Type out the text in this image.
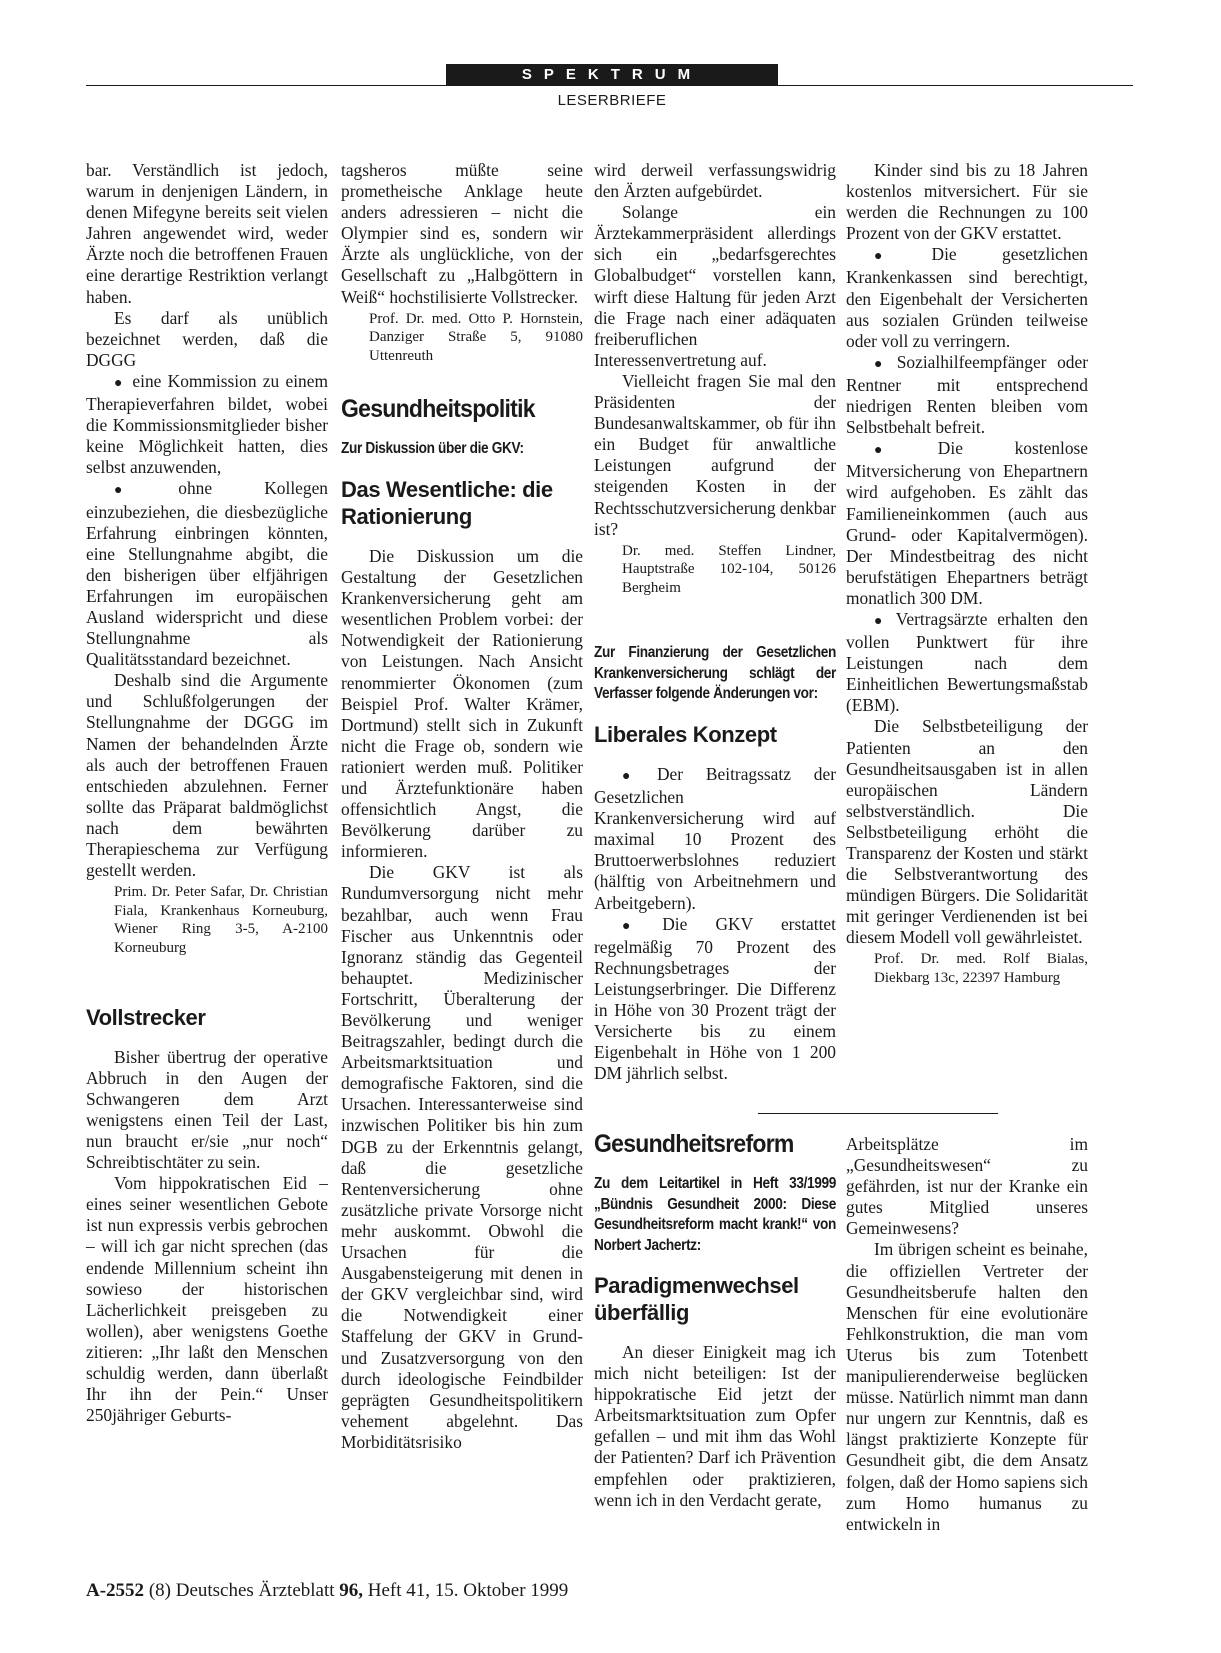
SPEKTRUM
LESERBRIEFE

bar. Verständlich ist jedoch, warum in denjenigen Ländern, in denen Mifegyne bereits seit vielen Jahren angewendet wird, weder Ärzte noch die betroffenen Frauen eine derartige Restriktion verlangt haben.

Es darf als unüblich bezeichnet werden, daß die DGGG

● eine Kommission zu einem Therapieverfahren bildet, wobei die Kommissionsmitglieder bisher keine Möglichkeit hatten, dies selbst anzuwenden,

● ohne Kollegen einzubeziehen, die diesbezügliche Erfahrung einbringen könnten, eine Stellungnahme abgibt, die den bisherigen über elfjährigen Erfahrungen im europäischen Ausland widerspricht und diese Stellungnahme als Qualitätsstandard bezeichnet.

Deshalb sind die Argumente und Schlußfolgerungen der Stellungnahme der DGGG im Namen der behandelnden Ärzte als auch der betroffenen Frauen entschieden abzulehnen. Ferner sollte das Präparat baldmöglichst nach dem bewährten Therapieschema zur Verfügung gestellt werden.

Prim. Dr. Peter Safar, Dr. Christian Fiala, Krankenhaus Korneuburg, Wiener Ring 3-5, A-2100 Korneuburg

Vollstrecker

Bisher übertrug der operative Abbruch in den Augen der Schwangeren dem Arzt wenigstens einen Teil der Last, nun braucht er/sie „nur noch“ Schreibtischtäter zu sein.

Vom hippokratischen Eid – eines seiner wesentlichen Gebote ist nun expressis verbis gebrochen – will ich gar nicht sprechen (das endende Millennium scheint ihn sowieso der historischen Lächerlichkeit preisgeben zu wollen), aber wenigstens Goethe zitieren: „Ihr laßt den Menschen schuldig werden, dann überlaßt Ihr ihn der Pein.“ Unser 250jähriger Geburts-

tagsheros müßte seine prometheische Anklage heute anders adressieren – nicht die Olympier sind es, sondern wir Ärzte als unglückliche, von der Gesellschaft zu „Halbgöttern in Weiß“ hochstilisierte Vollstrecker.

Prof. Dr. med. Otto P. Hornstein, Danziger Straße 5, 91080 Uttenreuth

Gesundheitspolitik

Zur Diskussion über die GKV:

Das Wesentliche: die Rationierung

Die Diskussion um die Gestaltung der Gesetzlichen Krankenversicherung geht am wesentlichen Problem vorbei: der Notwendigkeit der Rationierung von Leistungen. Nach Ansicht renommierter Ökonomen (zum Beispiel Prof. Walter Krämer, Dortmund) stellt sich in Zukunft nicht die Frage ob, sondern wie rationiert werden muß. Politiker und Ärztefunktionäre haben offensichtlich Angst, die Bevölkerung darüber zu informieren.

Die GKV ist als Rundumversorgung nicht mehr bezahlbar, auch wenn Frau Fischer aus Unkenntnis oder Ignoranz ständig das Gegenteil behauptet. Medizinischer Fortschritt, Überalterung der Bevölkerung und weniger Beitragszahler, bedingt durch die Arbeitsmarktsituation und demografische Faktoren, sind die Ursachen. Interessanterweise sind inzwischen Politiker bis hin zum DGB zu der Erkenntnis gelangt, daß die gesetzliche Rentenversicherung ohne zusätzliche private Vorsorge nicht mehr auskommt. Obwohl die Ursachen für die Ausgabensteigerung mit denen in der GKV vergleichbar sind, wird die Notwendigkeit einer Staffelung der GKV in Grund- und Zusatzversorgung von den durch ideologische Feindbilder geprägten Gesundheitspolitikern vehement abgelehnt. Das Morbiditätsrisiko

wird derweil verfassungswidrig den Ärzten aufgebürdet.

Solange ein Ärztekammerpräsident allerdings sich ein „bedarfsgerechtes Globalbudget“ vorstellen kann, wirft diese Haltung für jeden Arzt die Frage nach einer adäquaten freiberuflichen Interessenvertretung auf.

Vielleicht fragen Sie mal den Präsidenten der Bundesanwaltskammer, ob für ihn ein Budget für anwaltliche Leistungen aufgrund der steigenden Kosten in der Rechtsschutzversicherung denkbar ist?

Dr. med. Steffen Lindner, Hauptstraße 102-104, 50126 Bergheim

Zur Finanzierung der Gesetzlichen Krankenversicherung schlägt der Verfasser folgende Änderungen vor:

Liberales Konzept

● Der Beitragssatz der Gesetzlichen Krankenversicherung wird auf maximal 10 Prozent des Bruttoerwerbslohnes reduziert (hälftig von Arbeitnehmern und Arbeitgebern).

● Die GKV erstattet regelmäßig 70 Prozent des Rechnungsbetrages der Leistungserbringer. Die Differenz in Höhe von 30 Prozent trägt der Versicherte bis zu einem Eigenbehalt in Höhe von 1 200 DM jährlich selbst.

Kinder sind bis zu 18 Jahren kostenlos mitversichert. Für sie werden die Rechnungen zu 100 Prozent von der GKV erstattet.

● Die gesetzlichen Krankenkassen sind berechtigt, den Eigenbehalt der Versicherten aus sozialen Gründen teilweise oder voll zu verringern.

● Sozialhilfeempfänger oder Rentner mit entsprechend niedrigen Renten bleiben vom Selbstbehalt befreit.

● Die kostenlose Mitversicherung von Ehepartnern wird aufgehoben. Es zählt das Familieneinkommen (auch aus Grund- oder Kapitalvermögen). Der Mindestbeitrag des nicht berufstätigen Ehepartners beträgt monatlich 300 DM.

● Vertragsärzte erhalten den vollen Punktwert für ihre Leistungen nach dem Einheitlichen Bewertungsmaßstab (EBM).

Die Selbstbeteiligung der Patienten an den Gesundheitsausgaben ist in allen europäischen Ländern selbstverständlich. Die Selbstbeteiligung erhöht die Transparenz der Kosten und stärkt die Selbstverantwortung des mündigen Bürgers. Die Solidarität mit geringer Verdienenden ist bei diesem Modell voll gewährleistet.

Prof. Dr. med. Rolf Bialas, Diekbarg 13c, 22397 Hamburg

Gesundheitsreform

Zu dem Leitartikel in Heft 33/1999 „Bündnis Gesundheit 2000: Diese Gesundheitsreform macht krank!“ von Norbert Jachertz:

Paradigmenwechsel überfällig

An dieser Einigkeit mag ich mich nicht beteiligen: Ist der hippokratische Eid jetzt der Arbeitsmarktsituation zum Opfer gefallen – und mit ihm das Wohl der Patienten? Darf ich Prävention empfehlen oder praktizieren, wenn ich in den Verdacht gerate,

Arbeitsplätze im „Gesundheitswesen“ zu gefährden, ist nur der Kranke ein gutes Mitglied unseres Gemeinwesens?

Im übrigen scheint es beinahe, die offiziellen Vertreter der Gesundheitsberufe halten den Menschen für eine evolutionäre Fehlkonstruktion, die man vom Uterus bis zum Totenbett manipulierenderweise beglücken müsse. Natürlich nimmt man dann nur ungern zur Kenntnis, daß es längst praktizierte Konzepte für Gesundheit gibt, die dem Ansatz folgen, daß der Homo sapiens sich zum Homo humanus zu entwickeln in

A-2552 (8) Deutsches Ärzteblatt 96, Heft 41, 15. Oktober 1999
